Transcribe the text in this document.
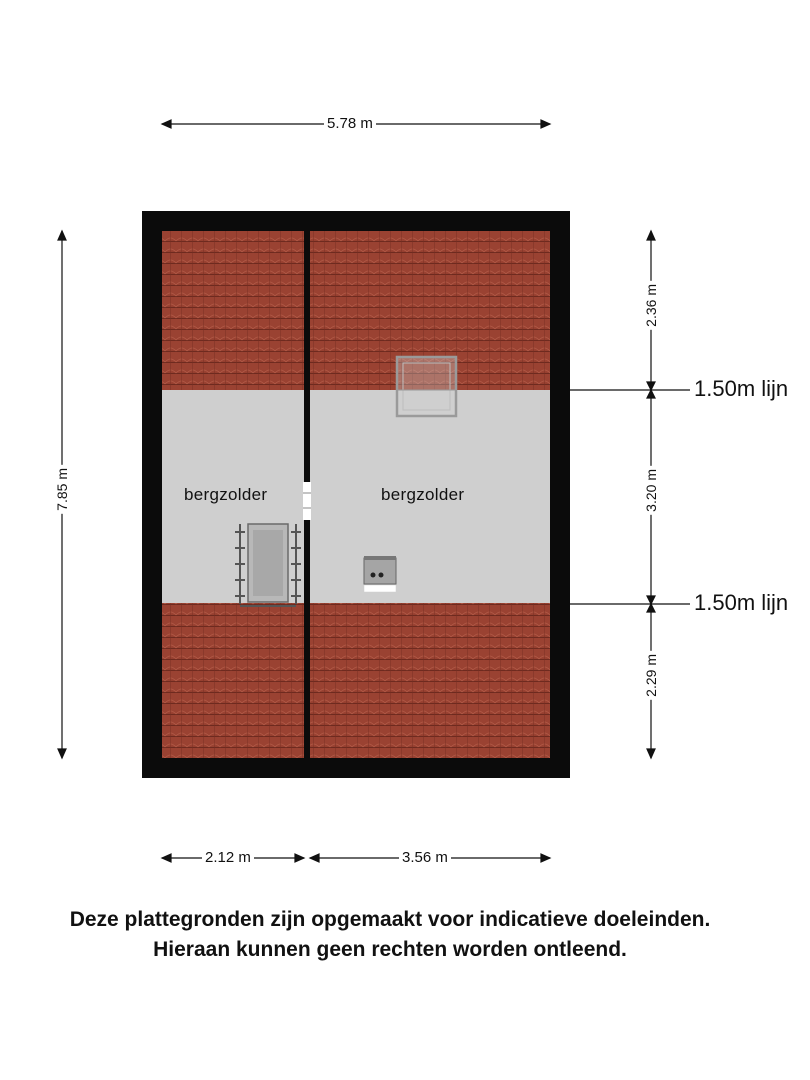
5.78 m
7.85 m
2.36 m
3.20 m
2.29 m
2.12 m	3.56 m
1.50m lijn
1.50m lijn
bergzolder	bergzolder
Deze plattegronden zijn opgemaakt voor indicatieve doeleinden.
Hieraan kunnen geen rechten worden ontleend.
